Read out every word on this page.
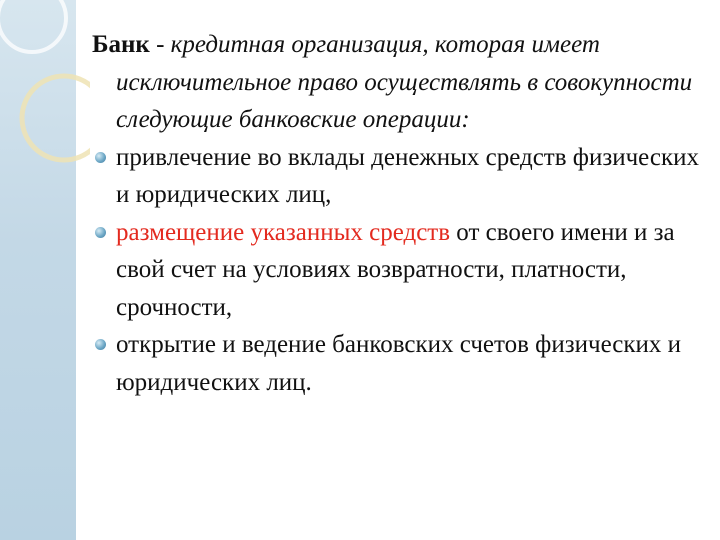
Банк - кредитная организация, которая имеет исключительное право осуществлять в совокупности следующие банковские операции:

привлечение во вклады денежных средств физических и юридических лиц,
размещение указанных средств от своего имени и за свой счет на условиях возвратности, платности, срочности,
открытие и ведение банковских счетов физических и юридических лиц.
